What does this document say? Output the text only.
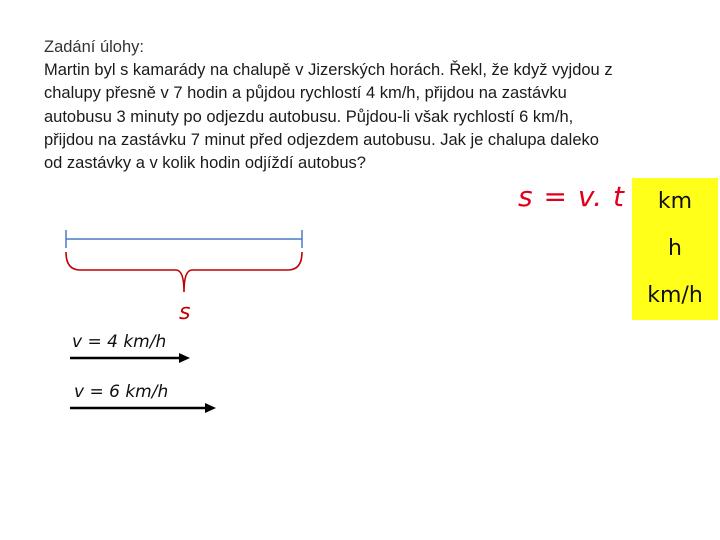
Zadání úlohy:
Martin byl s kamarády na chalupě v Jizerských horách. Řekl, že když vyjdou z
chalupy přesně v 7 hodin a půjdou rychlostí 4 km/h, přijdou na zastávku
autobusu 3 minuty po odjezdu autobusu. Půjdou-li však rychlostí 6 km/h,
přijdou na zastávku 7 minut před odjezdem autobusu. Jak je chalupa daleko
od zastávky a v kolik hodin odjíždí autobus?
s = v. t km
h
km/h
s
v = 4 km/h
v = 6 km/h
